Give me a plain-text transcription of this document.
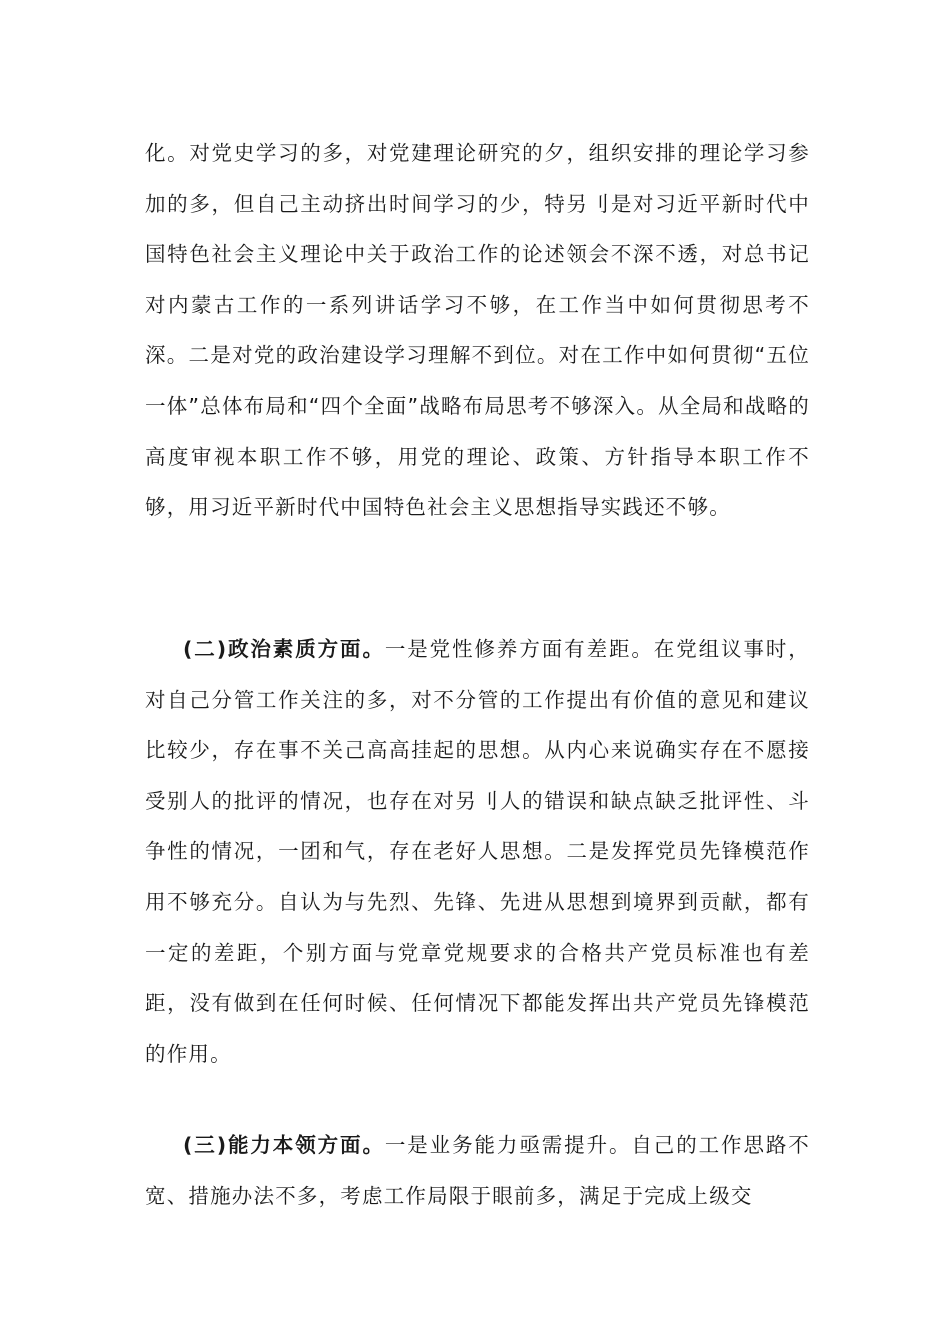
化。对党史学习的多，对党建理论研究的夕，组织安排的理论学习参加的多，但自己主动挤出时间学习的少，特另刂是对习近平新时代中国特色社会主义理论中关于政治工作的论述领会不深不透，对总书记对内蒙古工作的一系列讲话学习不够，在工作当中如何贯彻思考不深。二是对党的政治建设学习理解不到位。对在工作中如何贯彻“五位一体”总体布局和“四个全面”战略布局思考不够深入。从全局和战略的高度审视本职工作不够，用党的理论、政策、方针指导本职工作不够，用习近平新时代中国特色社会主义思想指导实践还不够。

(二)政治素质方面。一是党性修养方面有差距。在党组议事时，对自己分管工作关注的多，对不分管的工作提出有价值的意见和建议比较少，存在事不关己高高挂起的思想。从内心来说确实存在不愿接受别人的批评的情况，也存在对另刂人的错误和缺点缺乏批评性、斗争性的情况，一团和气，存在老好人思想。二是发挥党员先锋模范作用不够充分。自认为与先烈、先锋、先进从思想到境界到贡献，都有一定的差距，个别方面与党章党规要求的合格共产党员标准也有差距，没有做到在任何时候、任何情况下都能发挥出共产党员先锋模范的作用。

(三)能力本领方面。一是业务能力亟需提升。自己的工作思路不宽、措施办法不多，考虑工作局限于眼前多，满足于完成上级交
